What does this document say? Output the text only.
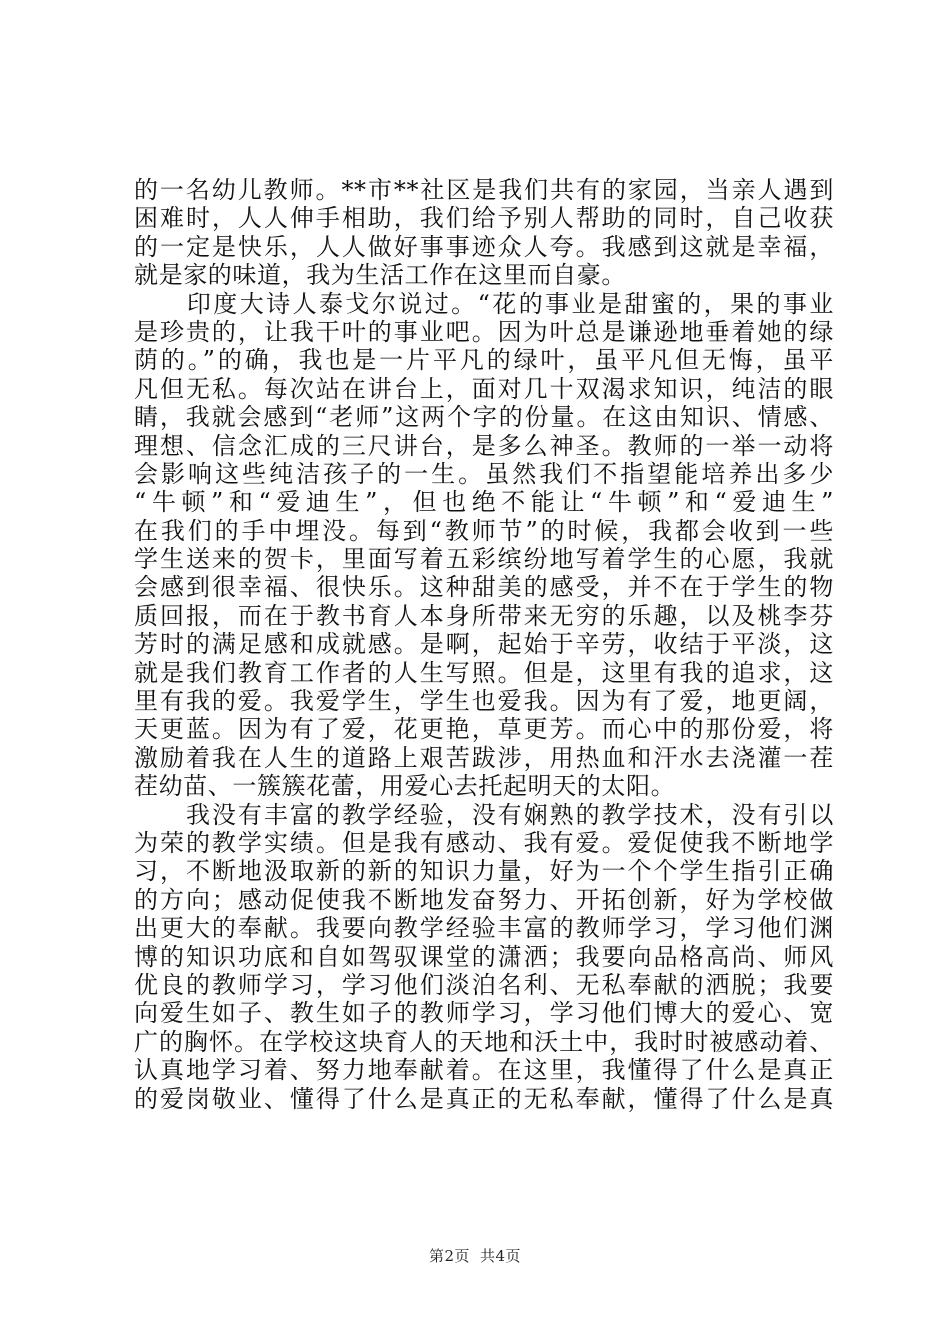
的一名幼儿教师。**市**社区是我们共有的家园，当亲人遇到
困难时，人人伸手相助，我们给予别人帮助的同时，自己收获
的一定是快乐，人人做好事事迹众人夸。我感到这就是幸福，
就是家的味道，我为生活工作在这里而自豪。
　　印度大诗人泰戈尔说过。“花的事业是甜蜜的，果的事业
是珍贵的，让我干叶的事业吧。因为叶总是谦逊地垂着她的绿
荫的。”的确，我也是一片平凡的绿叶，虽平凡但无悔，虽平
凡但无私。每次站在讲台上，面对几十双渴求知识，纯洁的眼
睛，我就会感到“老师”这两个字的份量。在这由知识、情感、
理想、信念汇成的三尺讲台，是多么神圣。教师的一举一动将
会影响这些纯洁孩子的一生。虽然我们不指望能培养出多少
“牛顿”和“爱迪生”，但也绝不能让“牛顿”和“爱迪生”
在我们的手中埋没。每到“教师节”的时候，我都会收到一些
学生送来的贺卡，里面写着五彩缤纷地写着学生的心愿，我就
会感到很幸福、很快乐。这种甜美的感受，并不在于学生的物
质回报，而在于教书育人本身所带来无穷的乐趣，以及桃李芬
芳时的满足感和成就感。是啊，起始于辛劳，收结于平淡，这
就是我们教育工作者的人生写照。但是，这里有我的追求，这
里有我的爱。我爱学生，学生也爱我。因为有了爱，地更阔，
天更蓝。因为有了爱，花更艳，草更芳。而心中的那份爱，将
激励着我在人生的道路上艰苦跋涉，用热血和汗水去浇灌一茬
茬幼苗、一簇簇花蕾，用爱心去托起明天的太阳。
　　我没有丰富的教学经验，没有娴熟的教学技术，没有引以
为荣的教学实绩。但是我有感动、我有爱。爱促使我不断地学
习，不断地汲取新的新的知识力量，好为一个个学生指引正确
的方向；感动促使我不断地发奋努力、开拓创新，好为学校做
出更大的奉献。我要向教学经验丰富的教师学习，学习他们渊
博的知识功底和自如驾驭课堂的潇洒；我要向品格高尚、师风
优良的教师学习，学习他们淡泊名利、无私奉献的洒脱；我要
向爱生如子、教生如子的教师学习，学习他们博大的爱心、宽
广的胸怀。在学校这块育人的天地和沃土中，我时时被感动着、
认真地学习着、努力地奉献着。在这里，我懂得了什么是真正
的爱岗敬业、懂得了什么是真正的无私奉献，懂得了什么是真
第2页 共4页
